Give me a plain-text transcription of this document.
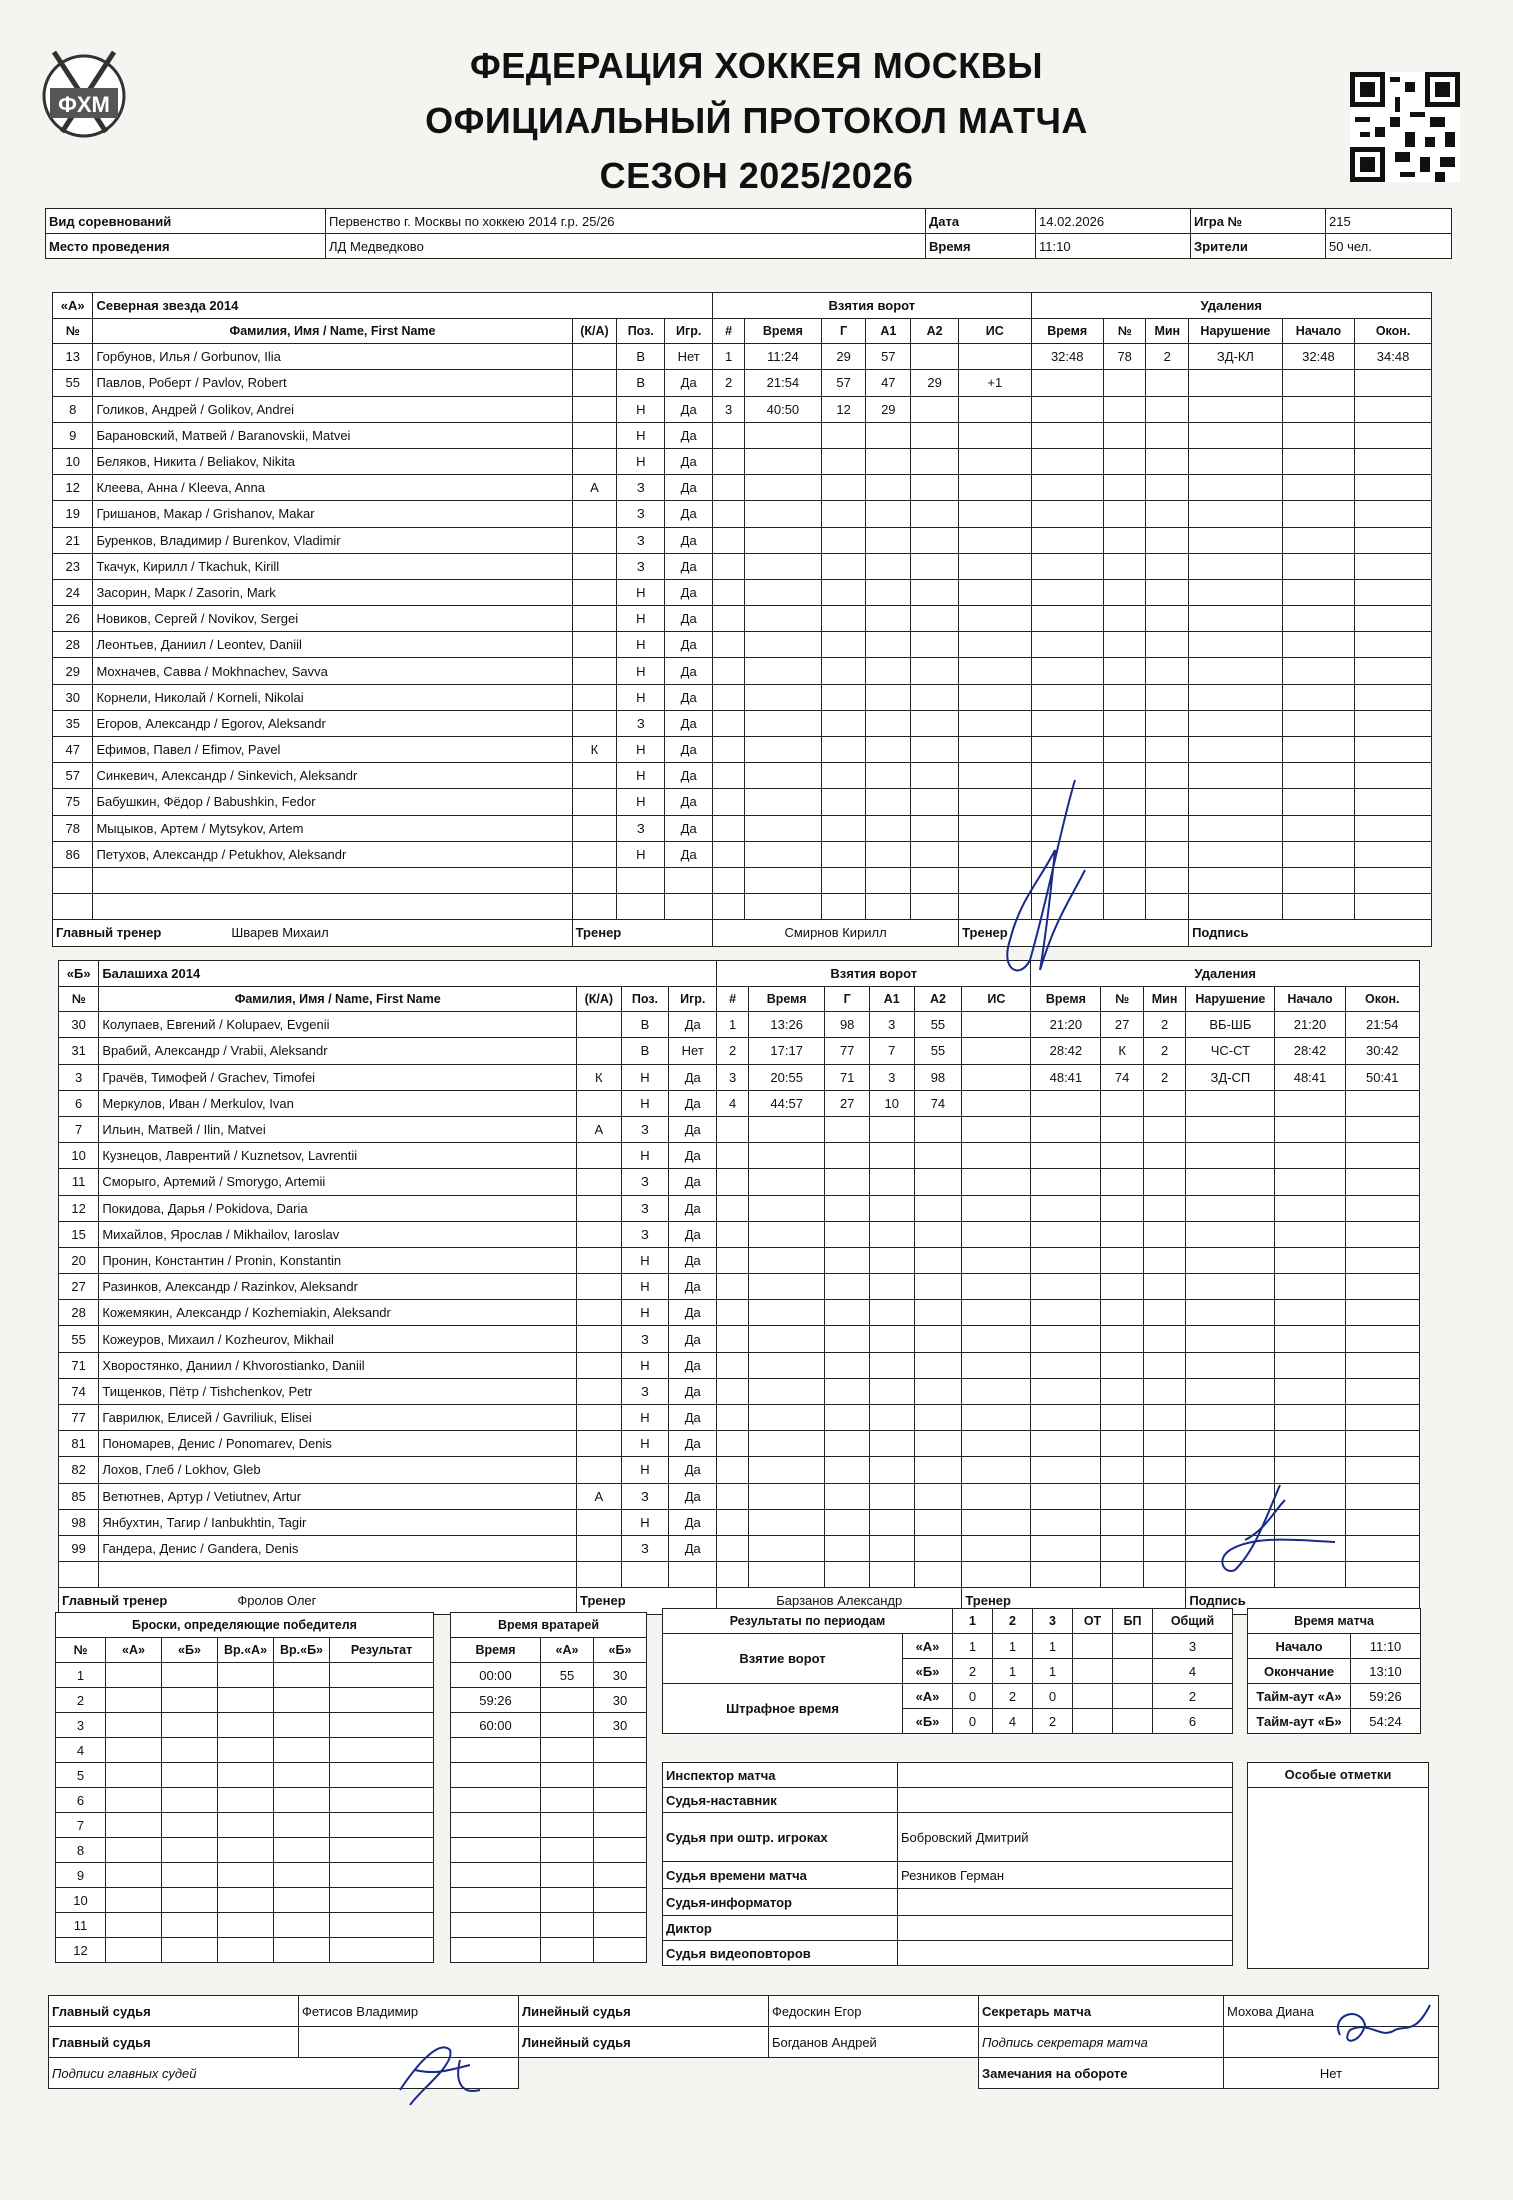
ФХМ
ФЕДЕРАЦИЯ ХОККЕЯ МОСКВЫ
ОФИЦИАЛЬНЫЙ ПРОТОКОЛ МАТЧА
СЕЗОН 2025/2026
Вид соревнований	Первенство г. Москвы по хоккею 2014 г.р. 25/26	Дата	14.02.2026	Игра №	215
Место проведения	ЛД Медведково	Время	11:10	Зрители	50 чел.
«А»	Северная звезда 2014				Взятия ворот						Удаления					
№	Фамилия, Имя / Name, First Name	(К/А)	Поз.	Игр.	#	Время	Г	А1	А2	ИС	Время	№	Мин	Нарушение	Начало	Окон.
13	Горбунов, Илья / Gorbunov, Ilia		В	Нет	1	11:24	29	57			32:48	78	2	ЗД-КЛ	32:48	34:48
55	Павлов, Роберт / Pavlov, Robert		В	Да	2	21:54	57	47	29	+1						
8	Голиков, Андрей / Golikov, Andrei		Н	Да	3	40:50	12	29								
9	Барановский, Матвей / Baranovskii, Matvei		Н	Да												
10	Беляков, Никита / Beliakov, Nikita		Н	Да												
12	Клеева, Анна / Kleeva, Anna	А	З	Да												
19	Гришанов, Макар / Grishanov, Makar		З	Да												
21	Буренков, Владимир / Burenkov, Vladimir		З	Да												
23	Ткачук, Кирилл / Tkachuk, Kirill		З	Да												
24	Засорин, Марк / Zasorin, Mark		Н	Да												
26	Новиков, Сергей / Novikov, Sergei		Н	Да												
28	Леонтьев, Даниил / Leontev, Daniil		Н	Да												
29	Мохначев, Савва / Mokhnachev, Savva		Н	Да												
30	Корнели, Николай / Korneli, Nikolai		Н	Да												
35	Егоров, Александр / Egorov, Aleksandr		З	Да												
47	Ефимов, Павел / Efimov, Pavel	К	Н	Да												
57	Синкевич, Александр / Sinkevich, Aleksandr		Н	Да												
75	Бабушкин, Фёдор / Babushkin, Fedor		Н	Да												
78	Мыцыков, Артем / Mytsykov, Artem		З	Да												
86	Петухов, Александр / Petukhov, Aleksandr		Н	Да												

Главный тренер Шварев Михаил		Тренер			Смирнов Кирилл					Тренер				Подпись		
«Б»	Балашиха 2014				Взятия ворот						Удаления					
№	Фамилия, Имя / Name, First Name	(К/А)	Поз.	Игр.	#	Время	Г	А1	А2	ИС	Время	№	Мин	Нарушение	Начало	Окон.
30	Колупаев, Евгений / Kolupaev, Evgenii		В	Да	1	13:26	98	3	55		21:20	27	2	ВБ-ШБ	21:20	21:54
31	Врабий, Александр / Vrabii, Aleksandr		В	Нет	2	17:17	77	7	55		28:42	К	2	ЧС-СТ	28:42	30:42
3	Грачёв, Тимофей / Grachev, Timofei	К	Н	Да	3	20:55	71	3	98		48:41	74	2	ЗД-СП	48:41	50:41
6	Меркулов, Иван / Merkulov, Ivan		Н	Да	4	44:57	27	10	74							
7	Ильин, Матвей / Ilin, Matvei	А	З	Да												
10	Кузнецов, Лаврентий / Kuznetsov, Lavrentii		Н	Да												
11	Сморыго, Артемий / Smorygo, Artemii		З	Да												
12	Покидова, Дарья / Pokidova, Daria		З	Да												
15	Михайлов, Ярослав / Mikhailov, Iaroslav		З	Да												
20	Пронин, Константин / Pronin, Konstantin		Н	Да												
27	Разинков, Александр / Razinkov, Aleksandr		Н	Да												
28	Кожемякин, Александр / Kozhemiakin, Aleksandr		Н	Да												
55	Кожеуров, Михаил / Kozheurov, Mikhail		З	Да												
71	Хворостянко, Даниил / Khvorostianko, Daniil		Н	Да												
74	Тищенков, Пётр / Tishchenkov, Petr		З	Да												
77	Гаврилюк, Елисей / Gavriliuk, Elisei		Н	Да												
81	Пономарев, Денис / Ponomarev, Denis		Н	Да												
82	Лохов, Глеб / Lokhov, Gleb		Н	Да												
85	Ветютнев, Артур / Vetiutnev, Artur	А	З	Да												
98	Янбухтин, Тагир / Ianbukhtin, Tagir		Н	Да												
99	Гандера, Денис / Gandera, Denis		З	Да												

Главный тренер Фролов Олег		Тренер			Барзанов Александр					Тренер				Подпись		
Броски, определяющие победителя					
№	«А»	«Б»	Вр.«А»	Вр.«Б»	Результат
1					
2					
3					
4					
5					
6					
7					
8					
9					
10					
11					
12					
Время вратарей		
Время	«А»	«Б»
00:00	55	30
59:26		30
60:00		30

Результаты по периодам		1	2	3	ОТ	БП	Общий
Взятие ворот	«А»	1	1	1			3
	«Б»	2	1	1			4
Штрафное время	«А»	0	2	0			2
	«Б»	0	4	2			6
Время матча	
Начало	11:10
Окончание	13:10
Тайм-аут «А»	59:26
Тайм-аут «Б»	54:24
Инспектор матча	
Судья-наставник	
Судья при оштр. игроках	Бобровский Дмитрий
Судья времени матча	Резников Герман
Судья-информатор	
Диктор	
Судья видеоповторов	
Особые отметки
Главный судья	Фетисов Владимир	Линейный судья	Федоскин Егор	Секретарь матча	Мохова Диана
Главный судья		Линейный судья	Богданов Андрей	Подпись секретаря матча	
Подписи главных судей				Замечания на обороте	Нет
